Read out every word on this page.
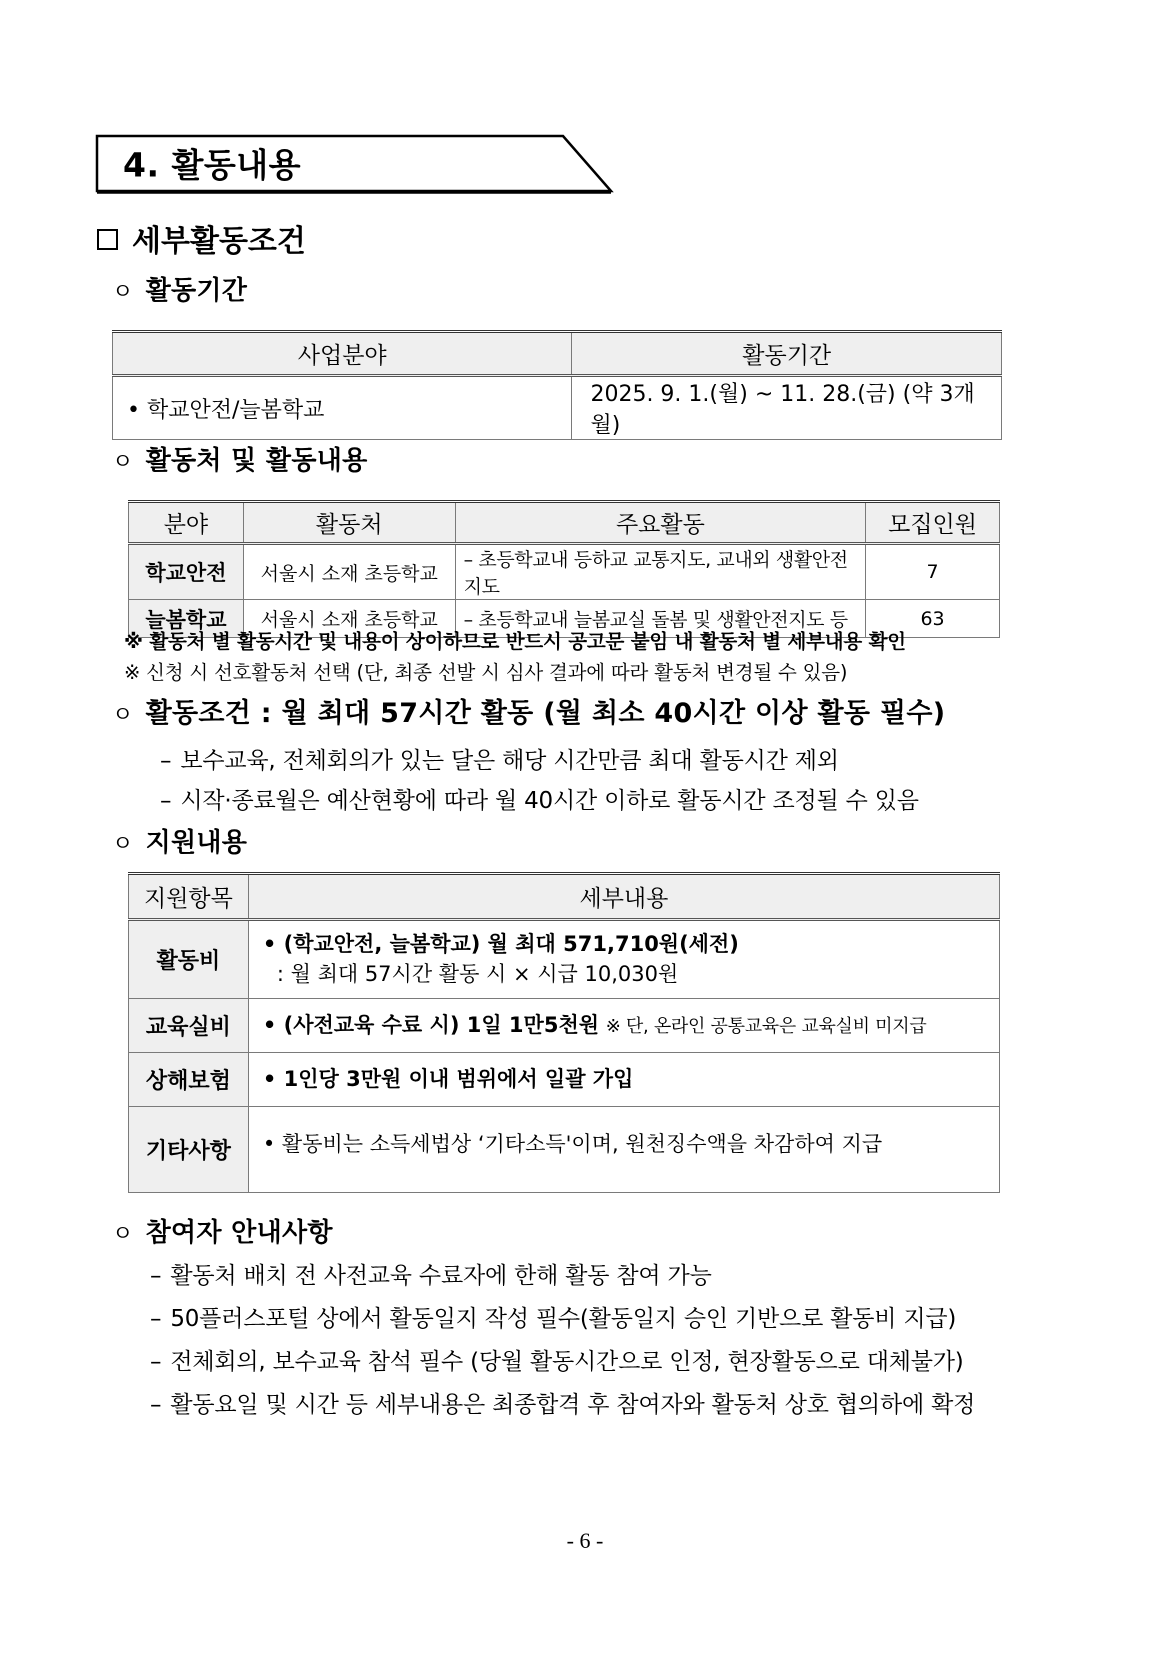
4. 활동내용
세부활동조건
ㅇ 활동기간
사업분야	활동기간
• 학교안전/늘봄학교	2025. 9. 1.(월) ~ 11. 28.(금) (약 3개월)
ㅇ 활동처 및 활동내용
분야	활동처	주요활동	모집인원
학교안전	서울시 소재 초등학교	– 초등학교내 등하교 교통지도, 교내외 생활안전지도	7
늘봄학교	서울시 소재 초등학교	– 초등학교내 늘봄교실 돌봄 및 생활안전지도 등	63
※ 활동처 별 활동시간 및 내용이 상이하므로 반드시 공고문 붙임 내 활동처 별 세부내용 확인
※ 신청 시 선호활동처 선택 (단, 최종 선발 시 심사 결과에 따라 활동처 변경될 수 있음)
ㅇ 활동조건 : 월 최대 57시간 활동 (월 최소 40시간 이상 활동 필수)
– 보수교육, 전체회의가 있는 달은 해당 시간만큼 최대 활동시간 제외
– 시작·종료월은 예산현황에 따라 월 40시간 이하로 활동시간 조정될 수 있음
ㅇ 지원내용
지원항목	세부내용
활동비	• (학교안전, 늘봄학교) 월 최대 571,710원(세전)
: 월 최대 57시간 활동 시 × 시급 10,030원

교육실비	• (사전교육 수료 시) 1일 1만5천원 ※ 단, 온라인 공통교육은 교육실비 미지급
상해보험	• 1인당 3만원 이내 범위에서 일괄 가입
기타사항	• 활동비는 소득세법상 ‘기타소득'이며, 원천징수액을 차감하여 지급
ㅇ 참여자 안내사항
– 활동처 배치 전 사전교육 수료자에 한해 활동 참여 가능
– 50플러스포털 상에서 활동일지 작성 필수(활동일지 승인 기반으로 활동비 지급)
– 전체회의, 보수교육 참석 필수 (당월 활동시간으로 인정, 현장활동으로 대체불가)
– 활동요일 및 시간 등 세부내용은 최종합격 후 참여자와 활동처 상호 협의하에 확정
- 6 -
